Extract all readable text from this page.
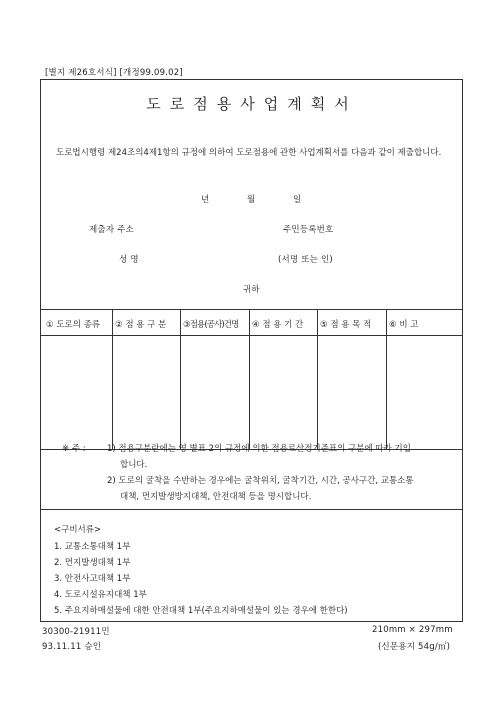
[별지 제26호서식] [개정99.09.02]
도로점용사업계획서
도로법시행령 제24조의4제1항의 규정에 의하여 도로점용에 관한 사업계획서를 다음과 같이 제출합니다.
년	월	일
제출자 주소	주민등록번호
성 명	(서명 또는 인)
귀하
① 도로의 종류 ② 점 용 구 분 ③점용(공사)건명 ④ 점 용 기 간 ⑤ 점 용 목 적 ⑥ 비 고
※ 주 :	1) 점용구분란에는 영 별표 2의 규정에 의한 점용료산정기준표의 구분에 따라 기입
합니다.
2) 도로의 굴착을 수반하는 경우에는 굴착위치, 굴착기간, 시간, 공사구간, 교통소통
대책, 먼지발생방지대책, 안전대책 등을 명시합니다.
<구비서류>
1. 교통소통대책 1부
2. 먼지발생대책 1부
3. 안전사고대책 1부
4. 도로시설유지대책 1부
5. 주요지하매설물에 대한 안전대책 1부(주요지하매설물이 있는 경우에 한한다)
30300-21911민
93.11.11 승인
210mm × 297mm
(신문용지 54g/㎡)
